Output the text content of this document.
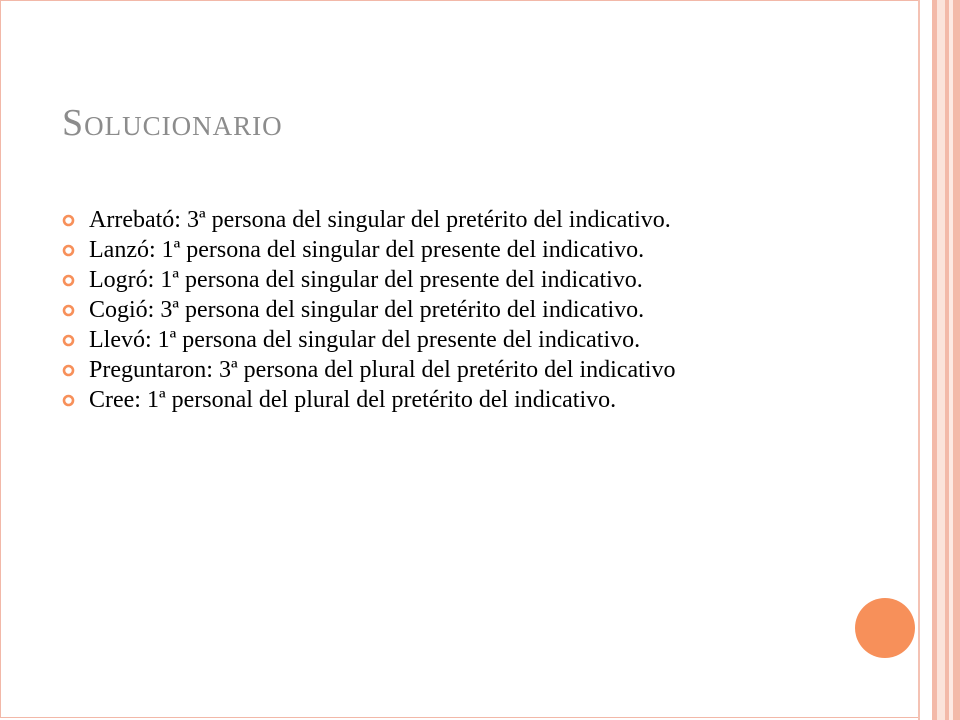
Solucionario
Arrebató: 3ª persona del singular del pretérito del indicativo.
Lanzó: 1ª persona del singular del presente del indicativo.
Logró: 1ª persona del singular del presente del indicativo.
Cogió: 3ª persona del singular del pretérito del indicativo.
Llevó: 1ª persona del singular del presente del indicativo.
Preguntaron: 3ª persona del plural del pretérito del indicativo
Cree: 1ª personal del plural del pretérito del indicativo.
